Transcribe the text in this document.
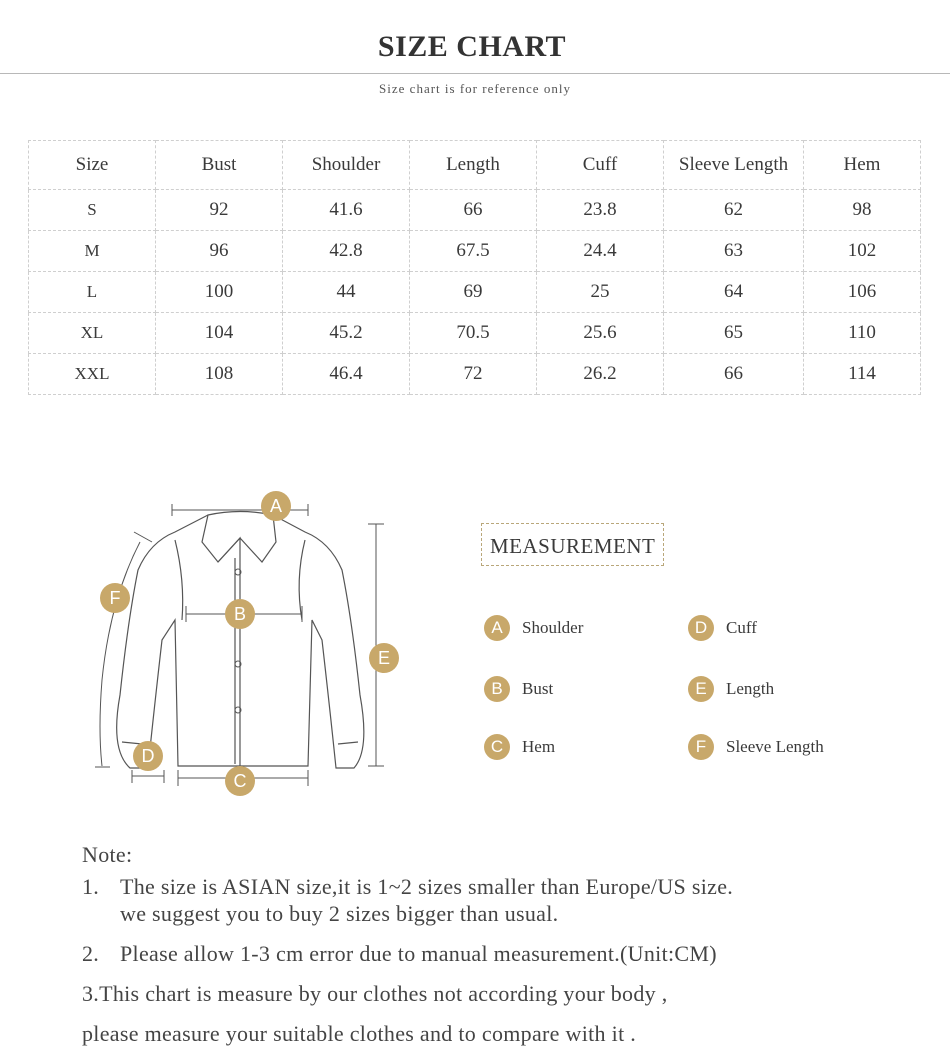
SIZE CHART
Size chart is for reference only
Size	Bust	Shoulder	Length	Cuff	Sleeve Length	Hem
S	92	41.6	66	23.8	62	98
M	96	42.8	67.5	24.4	63	102
L	100	44	69	25	64	106
XL	104	45.2	70.5	25.6	65	110
XXL	108	46.4	72	26.2	66	114
A
B
C
D
E
F
MEASUREMENT
A	Shoulder
B	Bust
C	Hem
D	Cuff
E	Length
F	Sleeve Length
Note:
1. The size is ASIAN size,it is 1~2 sizes smaller than Europe/US size.
we suggest you to buy 2 sizes bigger than usual.
2. Please allow 1-3 cm error due to manual measurement.(Unit:CM)
3.This chart is measure by our clothes not according your body ,
please measure your suitable clothes and to compare with it .
